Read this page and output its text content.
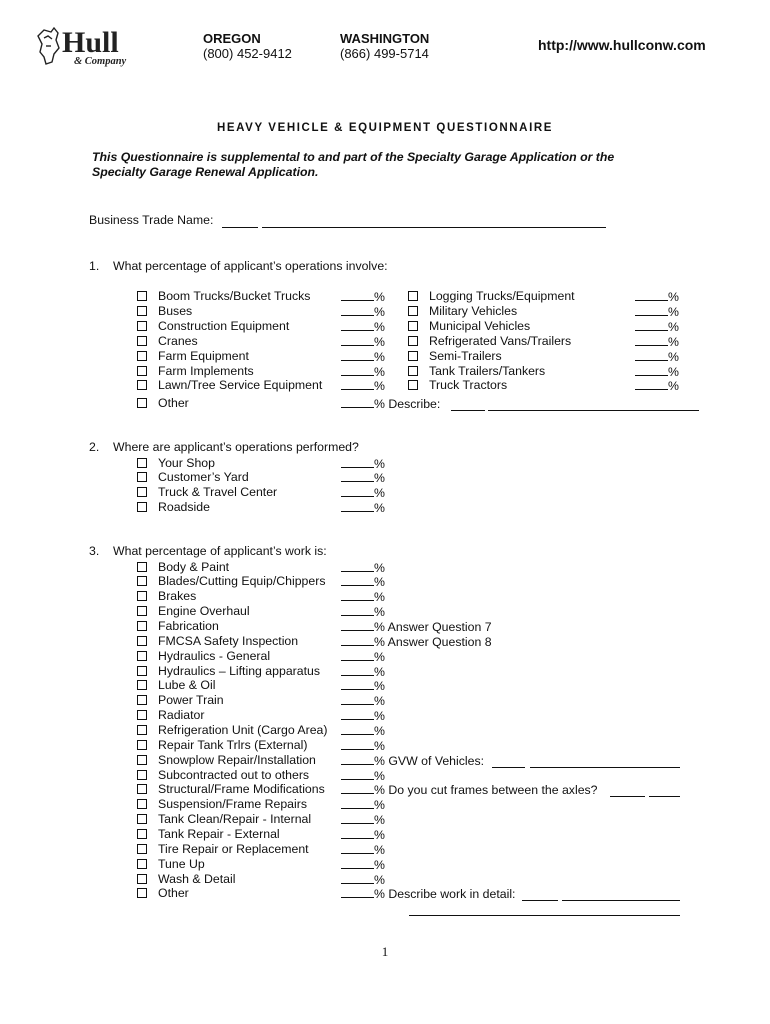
Hull
& Company
OREGON
(800) 452-9412
WASHINGTON
(866) 499-5714
http://www.hullconw.com
HEAVY VEHICLE & EQUIPMENT QUESTIONNAIRE
This Questionnaire is supplemental to and part of the Specialty Garage Application or the Specialty Garage Renewal Application.
Business Trade Name:
1. What percentage of applicant’s operations involve:
Boom Trucks/Bucket Trucks	%
Buses	%
Construction Equipment	%
Cranes	%
Farm Equipment	%
Farm Implements	%
Lawn/Tree Service Equipment	%
Logging Trucks/Equipment	%
Military Vehicles	%
Municipal Vehicles	%
Refrigerated Vans/Trailers	%
Semi-Trailers	%
Tank Trailers/Tankers	%
Truck Tractors	%
Other	% Describe:
2. Where are applicant’s operations performed?
Your Shop	%
Customer’s Yard	%
Truck & Travel Center	%
Roadside	%
3. What percentage of applicant’s work is:
Body & Paint	%
Blades/Cutting Equip/Chippers	%
Brakes	%
Engine Overhaul	%
Fabrication	% Answer Question 7
FMCSA Safety Inspection	% Answer Question 8
Hydraulics - General	%
Hydraulics – Lifting apparatus	%
Lube & Oil	%
Power Train	%
Radiator	%
Refrigeration Unit (Cargo Area)	%
Repair Tank Trlrs (External)	%
Snowplow Repair/Installation	% GVW of Vehicles:
Subcontracted out to others	%
Structural/Frame Modifications	% Do you cut frames between the axles?
Suspension/Frame Repairs	%
Tank Clean/Repair - Internal	%
Tank Repair - External	%
Tire Repair or Replacement	%
Tune Up	%
Wash & Detail	%
Other	% Describe work in detail:
1
